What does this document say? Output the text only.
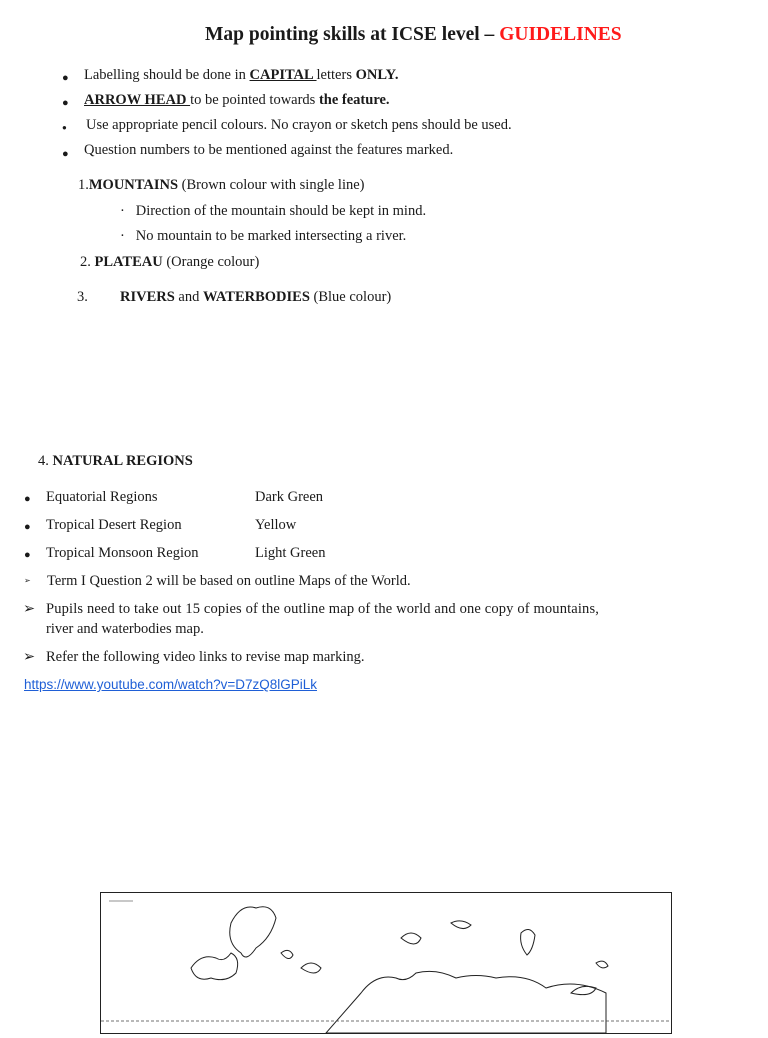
Map pointing skills at ICSE level – GUIDELINES
● Labelling should be done in CAPITAL letters ONLY.
● ARROW HEAD to be pointed towards the feature.
● Use appropriate pencil colours. No crayon or sketch pens should be used.
● Question numbers to be mentioned against the features marked.
1.MOUNTAINS (Brown colour with single line)
·   Direction of the mountain should be kept in mind.
·   No mountain to be marked intersecting a river.
2. PLATEAU (Orange colour)
3. RIVERS and WATERBODIES (Blue colour)
4. NATURAL REGIONS
● Equatorial Regions	Dark Green
● Tropical Desert Region	Yellow
● Tropical Monsoon Region	Light Green
➢ Term I Question 2 will be based on outline Maps of the World.
➢ Pupils need to take out 15 copies of the outline map of the world and one copy of mountains,
river and waterbodies map.
➢ Refer the following video links to revise map marking.
https://www.youtube.com/watch?v=D7zQ8lGPiLk
